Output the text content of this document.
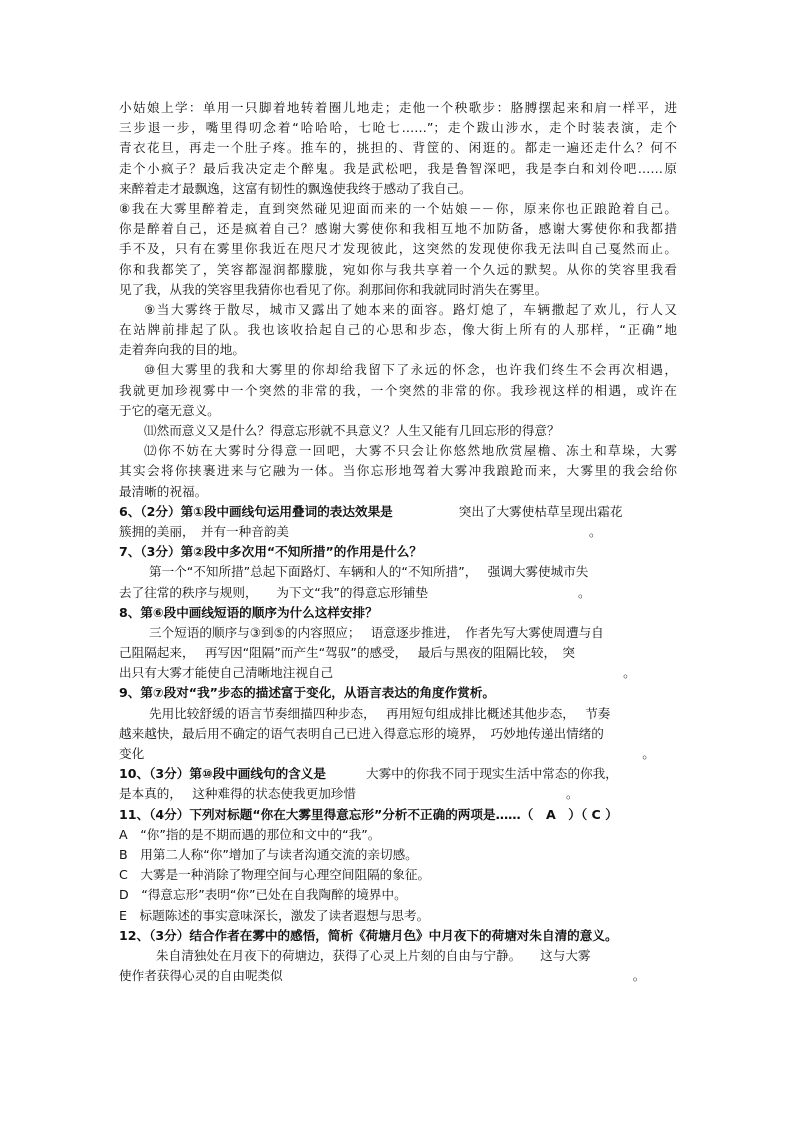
小姑娘上学：单用一只脚着地转着圈儿地走；走他一个秧歌步：胳膊摆起来和肩一样平，进
三步退一步，嘴里得叨念着“哈哈哈，七呛七……”；走个跋山涉水，走个时装表演，走个
青衣花旦，再走一个肚子疼。推车的，挑担的、背筐的、闲逛的。都走一遍还走什么？何不
走个小疯子？最后我决定走个醉鬼。我是武松吧，我是鲁智深吧，我是李白和刘伶吧……原
来醉着走才最飘逸，这富有韧性的飘逸使我终于感动了我自己。
⑧我在大雾里醉着走，直到突然碰见迎面而来的一个姑娘－－你，原来你也正踉跄着自己。
你是醉着自己，还是疯着自己？感谢大雾使你和我相互地不加防备，感谢大雾使你和我都措
手不及，只有在雾里你我近在咫尺才发现彼此，这突然的发现使你我无法叫自己戛然而止。
你和我都笑了，笑容都湿润都朦胧，宛如你与我共享着一个久远的默契。从你的笑容里我看
见了我，从我的笑容里我猜你也看见了你。刹那间你和我就同时消失在雾里。
⑨当大雾终于散尽，城市又露出了她本来的面容。路灯熄了，车辆撒起了欢儿，行人又
在站牌前排起了队。我也该收拾起自己的心思和步态，像大街上所有的人那样，“正确”地
走着奔向我的目的地。
⑩但大雾里的我和大雾里的你却给我留下了永远的怀念，也许我们终生不会再次相遇，
我就更加珍视雾中一个突然的非常的我，一个突然的非常的你。我珍视这样的相遇，或许在
于它的毫无意义。
⑾然而意义又是什么？得意忘形就不具意义？人生又能有几回忘形的得意？
⑿你不妨在大雾时分得意一回吧，大雾不只会让你悠然地欣赏屋檐、冻土和草垛，大雾
其实会将你挟裹进来与它融为一体。当你忘形地驾着大雾冲我踉跄而来，大雾里的我会给你
最清晰的祝福。
6、（2分）第①段中画线句运用叠词的表达效果是	突出了大雾使枯草呈现出霜花
簇拥的美丽，　并有一种音韵美	。
7、（3分）第②段中多次用“不知所措”的作用是什么？
第一个“不知所措”总起下面路灯、车辆和人的“不知所措”，　 强调大雾使城市失
去了往常的秩序与规则，　　为下文“我”的得意忘形铺垫	。
8、第⑥段中画线短语的顺序为什么这样安排？
三个短语的顺序与③到⑤的内容照应；　 语意逐步推进，　作者先写大雾使周遭与自
己阻隔起来，　 再写因“阻隔”而产生“驾驭”的感受，　 最后与黑夜的阻隔比较，　突
出只有大雾才能使自己清晰地注视自己	。
9、第⑦段对“我”步态的描述富于变化，从语言表达的角度作赏析。
先用比较舒缓的语言节奏细描四种步态，　 再用短句组成排比概述其他步态，　 节奏
越来越快，最后用不确定的语气表明自己已进入得意忘形的境界，　巧妙地传递出情绪的
变化	。
10、（3分）第⑩段中画线句的含义是	大雾中的你我不同于现实生活中常态的你我，
是本真的，　 这种难得的状态使我更加珍惜	。
11、（4分）下列对标题“你在大雾里得意忘形”分析不正确的两项是……（　A　）（ C ）
A　“你”指的是不期而遇的那位和文中的“我”。
B　用第二人称“你”增加了与读者沟通交流的亲切感。
C　大雾是一种消除了物理空间与心理空间阻隔的象征。
D　“得意忘形”表明“你”已处在自我陶醉的境界中。
E　标题陈述的事实意味深长，激发了读者遐想与思考。
12、（3分）结合作者在雾中的感悟，简析《荷塘月色》中月夜下的荷塘对朱自清的意义。
朱自清独处在月夜下的荷塘边，获得了心灵上片刻的自由与宁静。　　这与大雾
使作者获得心灵的自由呢类似	。
